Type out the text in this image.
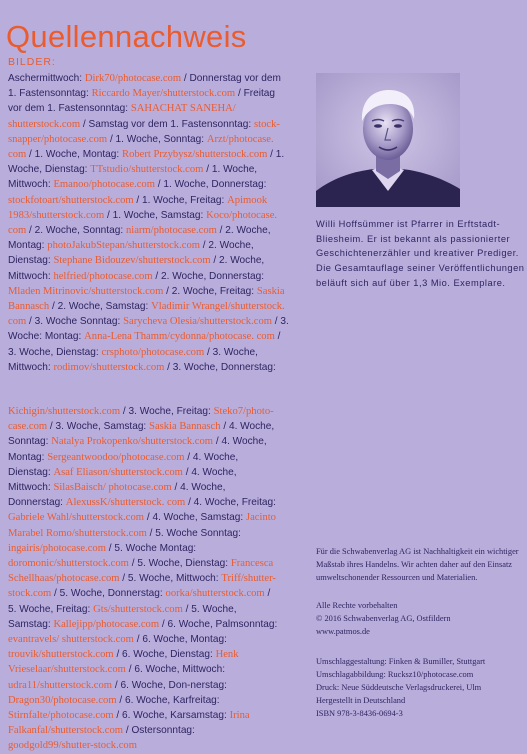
Quellennachweis
BILDER:
Aschermittwoch: Dirk70/photocase.com / Donnerstag vor dem 1. Fastensonntag: Riccardo Mayer/shutterstock.com / Freitag vor dem 1. Fastensonntag: SAHACHAT SANEHA/ shutterstock.com / Samstag vor dem 1. Fastensonntag: stock-snapper/photocase.com / 1. Woche, Sonntag: Arzt/photocase. com / 1. Woche, Montag: Robert Przybysz/shutterstock.com / 1. Woche, Dienstag: TTstudio/shutterstock.com / 1. Woche, Mittwoch: Emanoo/photocase.com / 1. Woche, Donnerstag: stockfotoart/shutterstock.com / 1. Woche, Freitag: Apimook 1983/shutterstock.com / 1. Woche, Samstag: Koco/photocase. com / 2. Woche, Sonntag: niarm/photocase.com / 2. Woche, Montag: photoJakubStepan/shutterstock.com / 2. Woche, Dienstag: Stephane Bidouzev/shutterstock.com / 2. Woche, Mittwoch: helfried/photocase.com / 2. Woche, Donnerstag: Mladen Mitrinovic/shutterstock.com / 2. Woche, Freitag: Saskia Bannasch / 2. Woche, Samstag: Vladimir Wrangel/shutterstock. com / 3. Woche Sonntag: Sarycheva Olesia/shutterstock.com / 3. Woche: Montag: Anna-Lena Thamm/cydonna/photocase. com / 3. Woche, Dienstag: crsphoto/photocase.com / 3. Woche, Mittwoch: rodimov/shutterstock.com / 3. Woche, Donnerstag:
Willi Hoffsümmer ist Pfarrer in Erftstadt-Bliesheim. Er ist bekannt als passionierter Geschichtenerzähler und kreativer Prediger. Die Gesamtauflage seiner Veröffentlichungen beläuft sich auf über 1,3 Mio. Exemplare.
Kichigin/shutterstock.com / 3. Woche, Freitag: Steko7/photo-case.com / 3. Woche, Samstag: Saskia Bannasch / 4. Woche, Sonntag: Natalya Prokopenko/shutterstock.com / 4. Woche, Montag: Sergeantwoodoo/photocase.com / 4. Woche, Dienstag: Asaf Eliason/shutterstock.com / 4. Woche, Mittwoch: SilasBaisch/ photocase.com / 4. Woche, Donnerstag: AlexussK/shutterstock. com / 4. Woche, Freitag: Gabriele Wahl/shutterstock.com / 4. Woche, Samstag: Jacinto Marabel Romo/shutterstock.com / 5. Woche Sonntag: ingairis/photocase.com / 5. Woche Montag: doromonic/shutterstock.com / 5. Woche, Dienstag: Francesca Schellhaas/photocase.com / 5. Woche, Mittwoch: Triff/shutter-stock.com / 5. Woche, Donnerstag: oorka/shutterstock.com / 5. Woche, Freitag: Gts/shutterstock.com / 5. Woche, Samstag: Kallejipp/photocase.com / 6. Woche, Palmsonntag: evantravels/ shutterstock.com / 6. Woche, Montag: trouvik/shutterstock.com / 6. Woche, Dienstag: Henk Vrieselaar/shutterstock.com / 6. Woche, Mittwoch: udra11/shutterstock.com / 6. Woche, Don-nerstag: Dragon30/photocase.com / 6. Woche, Karfreitag: Stirnfalte/photocase.com / 6. Woche, Karsamstag: Irina Falkanfal/shutterstock.com / Ostersonntag: goodgold99/shutter-stock.com
Für die Schwabenverlag AG ist Nachhaltigkeit ein wichtiger
Maßstab ihres Handelns. Wir achten daher auf den Einsatz
umweltschonender Ressourcen und Materialien.
Alle Rechte vorbehalten
© 2016 Schwabenverlag AG, Ostfildern
www.patmos.de
Umschlaggestaltung: Finken & Bumiller, Stuttgart
Umschlagabbildung: Rucksz10/photocase.com
Druck: Neue Süddeutsche Verlagsdruckerei, Ulm
Hergestellt in Deutschland
ISBN 978-3-8436-0694-3
